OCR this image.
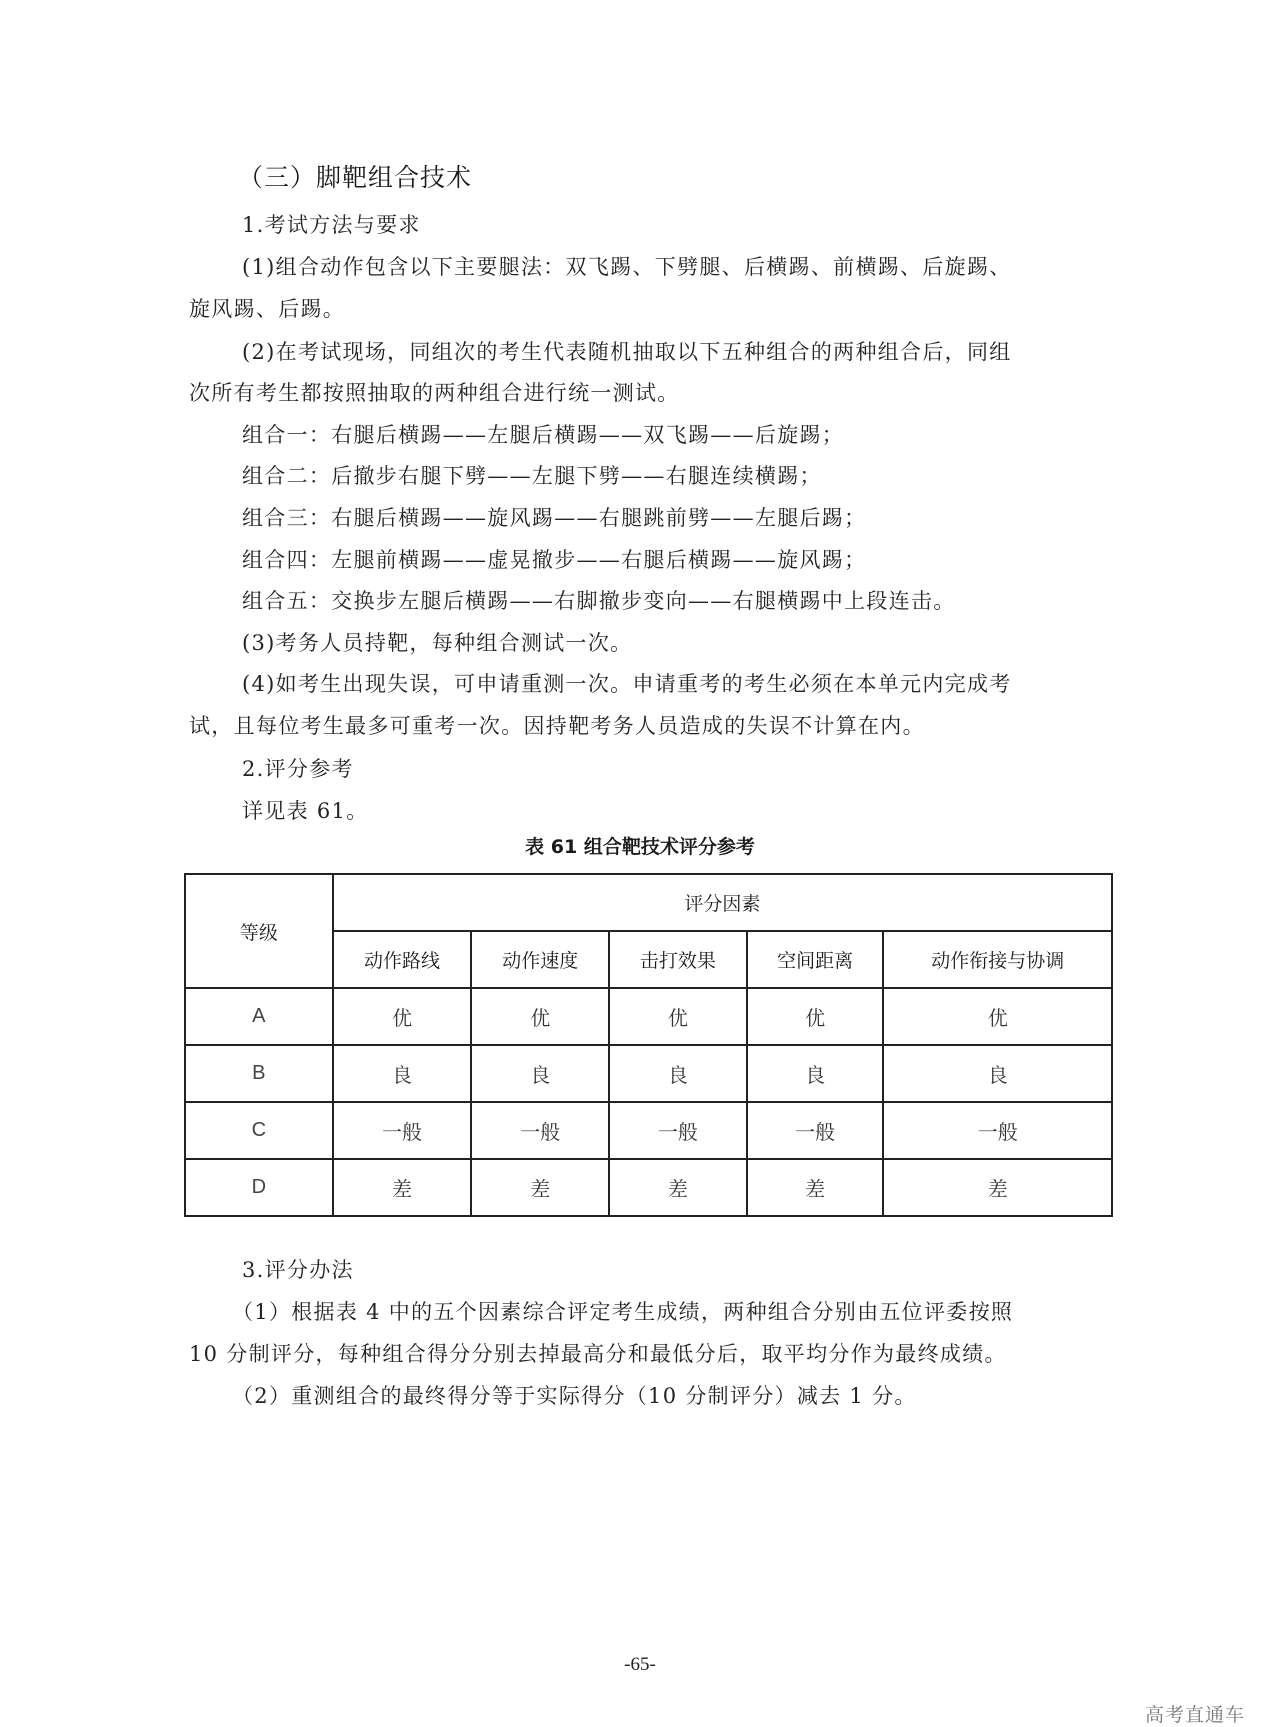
（三）脚靶组合技术
1.考试方法与要求
(1)组合动作包含以下主要腿法：双飞踢、下劈腿、后横踢、前横踢、后旋踢、
旋风踢、后踢。
(2)在考试现场，同组次的考生代表随机抽取以下五种组合的两种组合后，同组
次所有考生都按照抽取的两种组合进行统一测试。
组合一：右腿后横踢——左腿后横踢——双飞踢——后旋踢；
组合二：后撤步右腿下劈——左腿下劈——右腿连续横踢；
组合三：右腿后横踢——旋风踢——右腿跳前劈——左腿后踢；
组合四：左腿前横踢——虚晃撤步——右腿后横踢——旋风踢；
组合五：交换步左腿后横踢——右脚撤步变向——右腿横踢中上段连击。
(3)考务人员持靶，每种组合测试一次。
(4)如考生出现失误，可申请重测一次。申请重考的考生必须在本单元内完成考
试，且每位考生最多可重考一次。因持靶考务人员造成的失误不计算在内。
2.评分参考
详见表 61。
表 61 组合靶技术评分参考
等级	评分因素				
	动作路线	动作速度	击打效果	空间距离	动作衔接与协调
A	优	优	优	优	优
B	良	良	良	良	良
C	一般	一般	一般	一般	一般
D	差	差	差	差	差
3.评分办法
（1）根据表 4 中的五个因素综合评定考生成绩，两种组合分别由五位评委按照
10 分制评分，每种组合得分分别去掉最高分和最低分后，取平均分作为最终成绩。
（2）重测组合的最终得分等于实际得分（10 分制评分）减去 1 分。
-65-
高考直通车
